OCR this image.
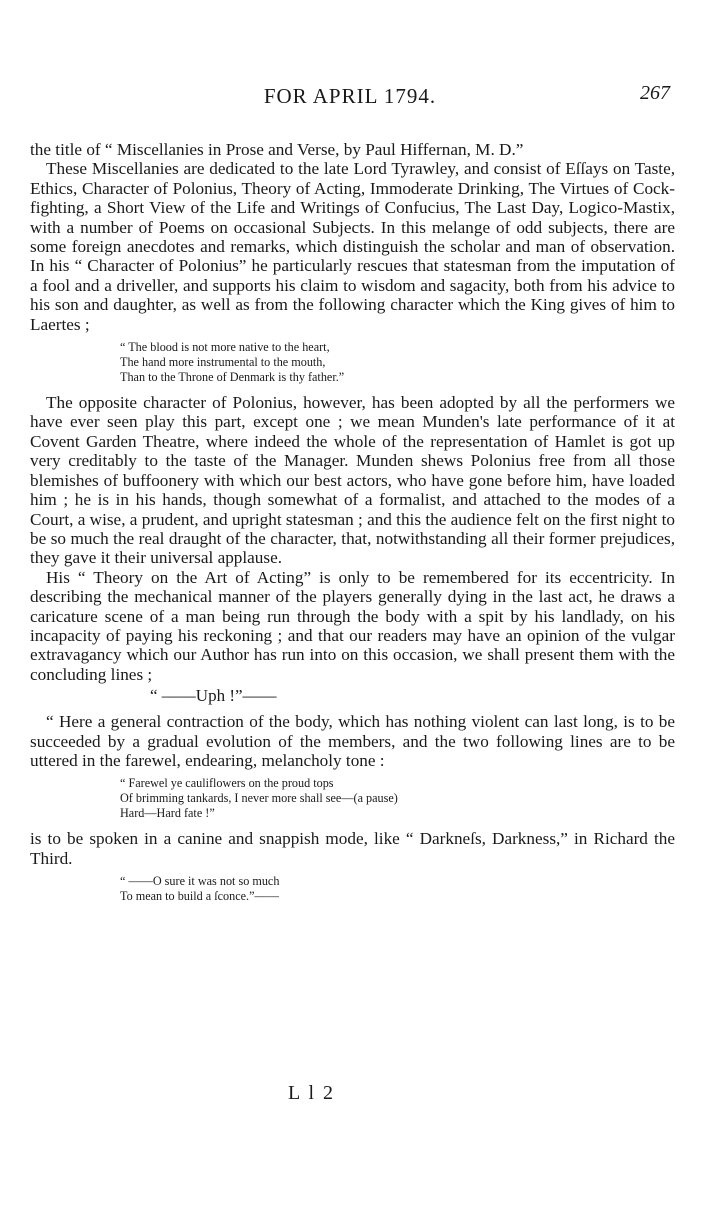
FOR APRIL 1794.	267

the title of “ Miscellanies in Prose and Verse, by Paul Hiffernan, M. D.”

These Miscellanies are dedicated to the late Lord Tyrawley, and consist of Eſſays on Taste, Ethics, Character of Polonius, Theory of Acting, Immoderate Drinking, The Virtues of Cock-fighting, a Short View of the Life and Writings of Confucius, The Last Day, Logico-Mastix, with a number of Poems on occasional Subjects. In this melange of odd subjects, there are some foreign anecdotes and remarks, which distinguish the scholar and man of observation. In his “ Character of Polonius” he particularly rescues that statesman from the imputation of a fool and a driveller, and supports his claim to wisdom and sagacity, both from his advice to his son and daughter, as well as from the following character which the King gives of him to Laertes ;

“ The blood is not more native to the heart,
The hand more instrumental to the mouth,
Than to the Throne of Denmark is thy father.”

The opposite character of Polonius, however, has been adopted by all the performers we have ever seen play this part, except one ; we mean Munden's late performance of it at Covent Garden Theatre, where indeed the whole of the representation of Hamlet is got up very creditably to the taste of the Manager. Munden shews Polonius free from all those blemishes of buffoonery with which our best actors, who have gone before him, have loaded him ; he is in his hands, though somewhat of a formalist, and attached to the modes of a Court, a wise, a prudent, and upright statesman ; and this the audience felt on the first night to be so much the real draught of the character, that, notwithstanding all their former prejudices, they gave it their universal applause.

His “ Theory on the Art of Acting” is only to be remembered for its eccentricity. In describing the mechanical manner of the players generally dying in the last act, he draws a caricature scene of a man being run through the body with a spit by his landlady, on his incapacity of paying his reckoning ; and that our readers may have an opinion of the vulgar extravagancy which our Author has run into on this occasion, we shall present them with the concluding lines ;

“ ——Uph !”——

“ Here a general contraction of the body, which has nothing violent can last long, is to be succeeded by a gradual evolution of the members, and the two following lines are to be uttered in the farewel, endearing, melancholy tone :

“ Farewel ye cauliflowers on the proud tops
Of brimming tankards, I never more shall see—(a pause)
Hard—Hard fate !”

is to be spoken in a canine and snappish mode, like “ Darkneſs, Darkness,” in Richard the Third.

“ ——O sure it was not so much
To mean to build a ſconce.”——
L l 2
